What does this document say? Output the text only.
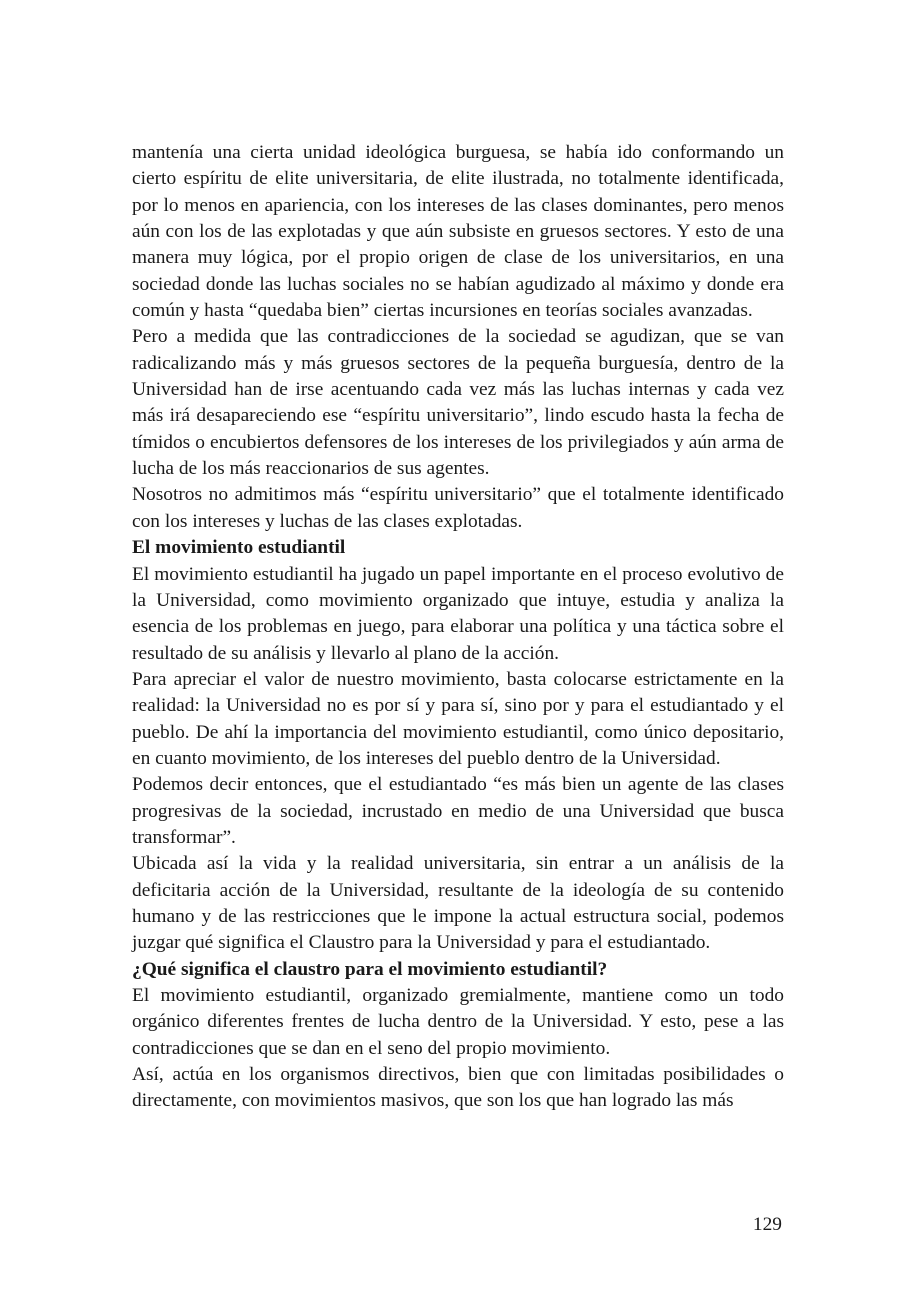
mantenía una cierta unidad ideológica burguesa, se había ido conformando un cierto espíritu de elite universitaria, de elite ilustrada, no totalmente identificada, por lo menos en apariencia, con los intereses de las clases dominantes, pero menos aún con los de las explotadas y que aún subsiste en gruesos sectores. Y esto de una manera muy lógica, por el propio origen de clase de los universitarios, en una sociedad donde las luchas sociales no se habían agudizado al máximo y donde era común y hasta “quedaba bien” ciertas incursiones en teorías sociales avanzadas.

Pero a medida que las contradicciones de la sociedad se agudizan, que se van radicalizando más y más gruesos sectores de la pequeña burguesía, dentro de la Universidad han de irse acentuando cada vez más las luchas internas y cada vez más irá desapareciendo ese “espíritu universitario”, lindo escudo hasta la fecha de tímidos o encubiertos defensores de los intereses de los privilegiados y aún arma de lucha de los más reaccionarios de sus agentes.

Nosotros no admitimos más “espíritu universitario” que el totalmente identificado con los intereses y luchas de las clases explotadas.

El movimiento estudiantil

El movimiento estudiantil ha jugado un papel importante en el proceso evolutivo de la Universidad, como movimiento organizado que intuye, estudia y analiza la esencia de los problemas en juego, para elaborar una política y una táctica sobre el resultado de su análisis y llevarlo al plano de la acción.

Para apreciar el valor de nuestro movimiento, basta colocarse estrictamente en la realidad: la Universidad no es por sí y para sí, sino por y para el estudiantado y el pueblo. De ahí la importancia del movimiento estudiantil, como único depositario, en cuanto movimiento, de los intereses del pueblo dentro de la Universidad.

Podemos decir entonces, que el estudiantado “es más bien un agente de las clases progresivas de la sociedad, incrustado en medio de una Universidad que busca transformar”.

Ubicada así la vida y la realidad universitaria, sin entrar a un análisis de la deficitaria acción de la Universidad, resultante de la ideología de su contenido humano y de las restricciones que le impone la actual estructura social, podemos juzgar qué significa el Claustro para la Universidad y para el estudiantado.

¿Qué significa el claustro para el movimiento estudiantil?

El movimiento estudiantil, organizado gremialmente, mantiene como un todo orgánico diferentes frentes de lucha dentro de la Universidad. Y esto, pese a las contradicciones que se dan en el seno del propio movimiento.

Así, actúa en los organismos directivos, bien que con limitadas posibilidades o directamente, con movimientos masivos, que son los que han logrado las más

129
